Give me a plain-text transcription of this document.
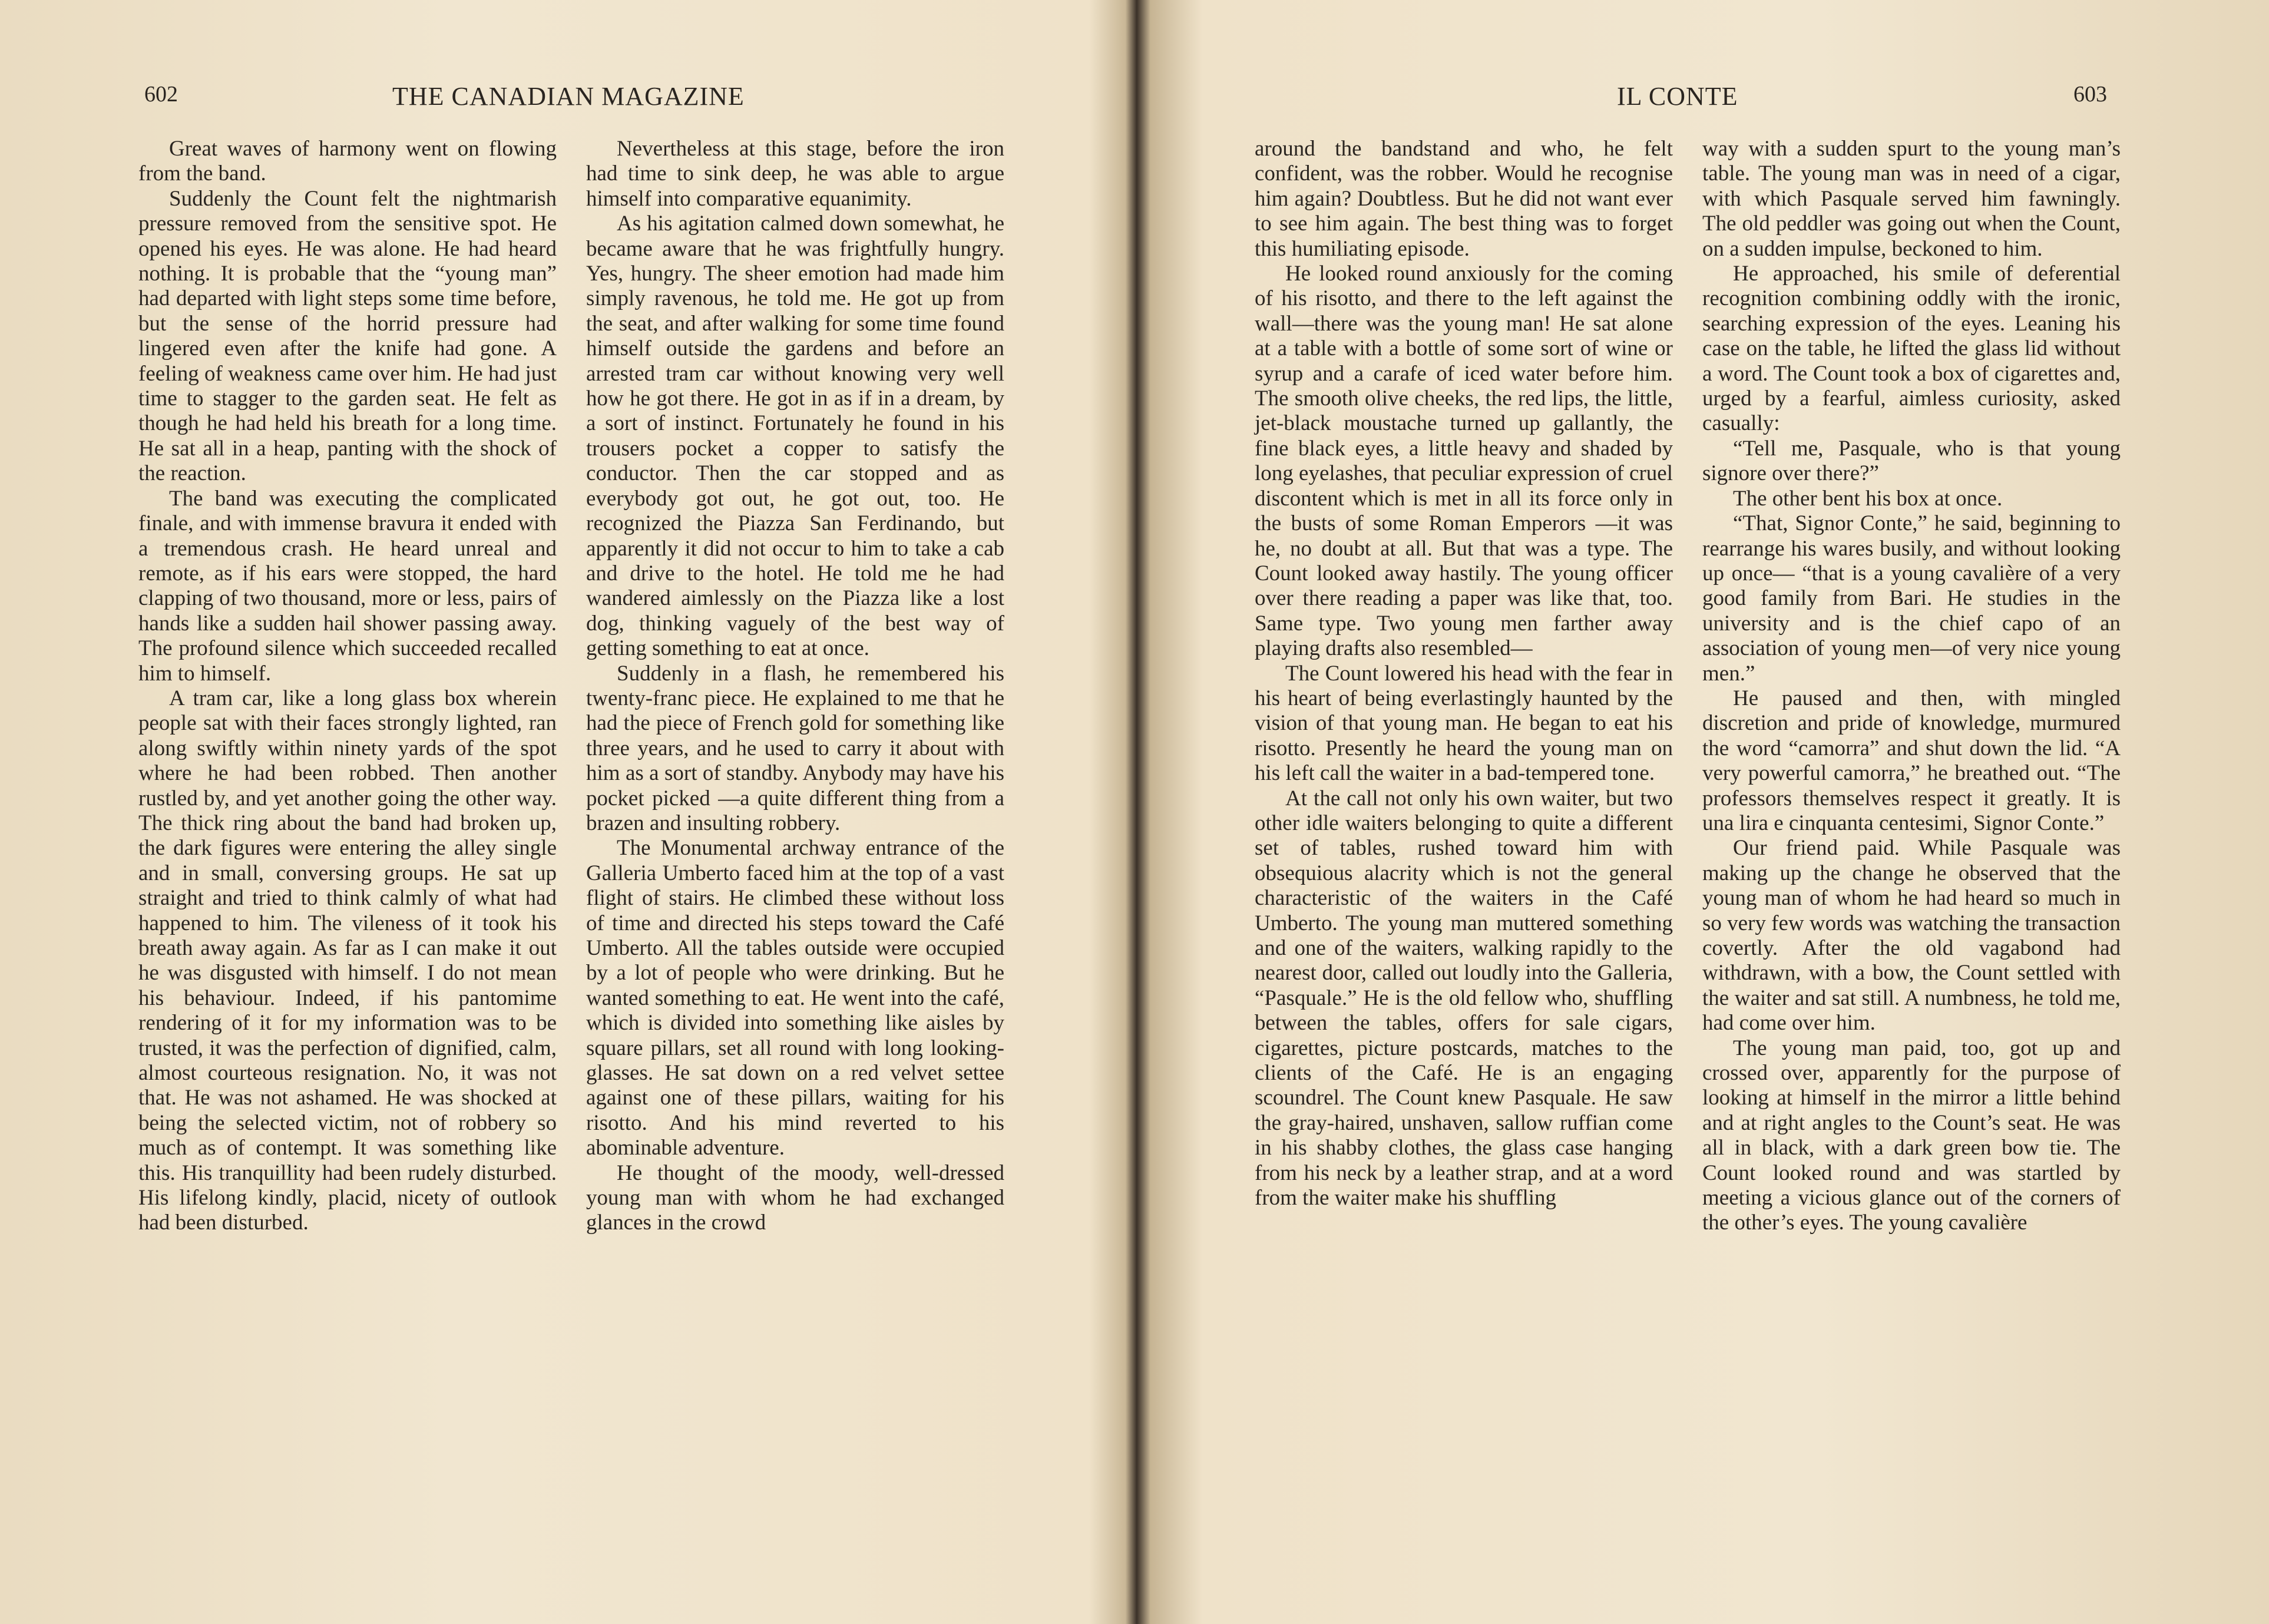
602	THE CANADIAN MAGAZINE

Great waves of harmony went on flowing from the band.

Suddenly the Count felt the nightmarish pressure removed from the sensitive spot. He opened his eyes. He was alone. He had heard nothing. It is probable that the “young man” had departed with light steps some time before, but the sense of the horrid pressure had lingered even after the knife had gone. A feeling of weakness came over him. He had just time to stagger to the garden seat. He felt as though he had held his breath for a long time. He sat all in a heap, panting with the shock of the reaction.

The band was executing the complicated finale, and with immense bravura it ended with a tremendous crash. He heard unreal and remote, as if his ears were stopped, the hard clapping of two thousand, more or less, pairs of hands like a sudden hail shower passing away. The profound silence which succeeded recalled him to himself.

A tram car, like a long glass box wherein people sat with their faces strongly lighted, ran along swiftly within ninety yards of the spot where he had been robbed. Then another rustled by, and yet another going the other way. The thick ring about the band had broken up, the dark figures were entering the alley single and in small, conversing groups. He sat up straight and tried to think calmly of what had happened to him. The vileness of it took his breath away again. As far as I can make it out he was disgusted with himself. I do not mean his behaviour. Indeed, if his pantomime rendering of it for my information was to be trusted, it was the perfection of dignified, calm, almost courteous resignation. No, it was not that. He was not ashamed. He was shocked at being the selected victim, not of robbery so much as of contempt. It was something like this. His tranquillity had been rudely disturbed. His lifelong kindly, placid, nicety of outlook had been disturbed.

Nevertheless at this stage, before the iron had time to sink deep, he was able to argue himself into comparative equanimity.

As his agitation calmed down somewhat, he became aware that he was frightfully hungry. Yes, hungry. The sheer emotion had made him simply ravenous, he told me. He got up from the seat, and after walking for some time found himself outside the gardens and before an arrested tram car without knowing very well how he got there. He got in as if in a dream, by a sort of instinct. Fortunately he found in his trousers pocket a copper to satisfy the conductor. Then the car stopped and as everybody got out, he got out, too. He recognized the Piazza San Ferdinando, but apparently it did not occur to him to take a cab and drive to the hotel. He told me he had wandered aimlessly on the Piazza like a lost dog, thinking vaguely of the best way of getting something to eat at once.

Suddenly in a flash, he remembered his twenty-franc piece. He explained to me that he had the piece of French gold for something like three years, and he used to carry it about with him as a sort of standby. Anybody may have his pocket picked —a quite different thing from a brazen and insulting robbery.

The Monumental archway entrance of the Galleria Umberto faced him at the top of a vast flight of stairs. He climbed these without loss of time and directed his steps toward the Café Umberto. All the tables outside were occupied by a lot of people who were drinking. But he wanted something to eat. He went into the café, which is divided into something like aisles by square pillars, set all round with long looking-glasses. He sat down on a red velvet settee against one of these pillars, waiting for his risotto. And his mind reverted to his abominable adventure.

He thought of the moody, well-dressed young man with whom he had exchanged glances in the crowd

IL CONTE	603

around the bandstand and who, he felt confident, was the robber. Would he recognise him again? Doubtless. But he did not want ever to see him again. The best thing was to forget this humiliating episode.

He looked round anxiously for the coming of his risotto, and there to the left against the wall—there was the young man! He sat alone at a table with a bottle of some sort of wine or syrup and a carafe of iced water before him. The smooth olive cheeks, the red lips, the little, jet-black moustache turned up gallantly, the fine black eyes, a little heavy and shaded by long eyelashes, that peculiar expression of cruel discontent which is met in all its force only in the busts of some Roman Emperors —it was he, no doubt at all. But that was a type. The Count looked away hastily. The young officer over there reading a paper was like that, too. Same type. Two young men farther away playing drafts also resembled—

The Count lowered his head with the fear in his heart of being everlastingly haunted by the vision of that young man. He began to eat his risotto. Presently he heard the young man on his left call the waiter in a bad-tempered tone.

At the call not only his own waiter, but two other idle waiters belonging to quite a different set of tables, rushed toward him with obsequious alacrity which is not the general characteristic of the waiters in the Café Umberto. The young man muttered something and one of the waiters, walking rapidly to the nearest door, called out loudly into the Galleria, “Pasquale.” He is the old fellow who, shuffling between the tables, offers for sale cigars, cigarettes, picture postcards, matches to the clients of the Café. He is an engaging scoundrel. The Count knew Pasquale. He saw the gray-haired, unshaven, sallow ruffian come in his shabby clothes, the glass case hanging from his neck by a leather strap, and at a word from the waiter make his shuffling

way with a sudden spurt to the young man’s table. The young man was in need of a cigar, with which Pasquale served him fawningly. The old peddler was going out when the Count, on a sudden impulse, beckoned to him.

He approached, his smile of deferential recognition combining oddly with the ironic, searching expression of the eyes. Leaning his case on the table, he lifted the glass lid without a word. The Count took a box of cigarettes and, urged by a fearful, aimless curiosity, asked casually:

“Tell me, Pasquale, who is that young signore over there?”

The other bent his box at once.

“That, Signor Conte,” he said, beginning to rearrange his wares busily, and without looking up once— “that is a young cavalière of a very good family from Bari. He studies in the university and is the chief capo of an association of young men—of very nice young men.”

He paused and then, with mingled discretion and pride of knowledge, murmured the word “camorra” and shut down the lid. “A very powerful camorra,” he breathed out. “The professors themselves respect it greatly. It is una lira e cinquanta centesimi, Signor Conte.”

Our friend paid. While Pasquale was making up the change he observed that the young man of whom he had heard so much in so very few words was watching the transaction covertly. After the old vagabond had withdrawn, with a bow, the Count settled with the waiter and sat still. A numbness, he told me, had come over him.

The young man paid, too, got up and crossed over, apparently for the purpose of looking at himself in the mirror a little behind and at right angles to the Count’s seat. He was all in black, with a dark green bow tie. The Count looked round and was startled by meeting a vicious glance out of the corners of the other’s eyes. The young cavalière
